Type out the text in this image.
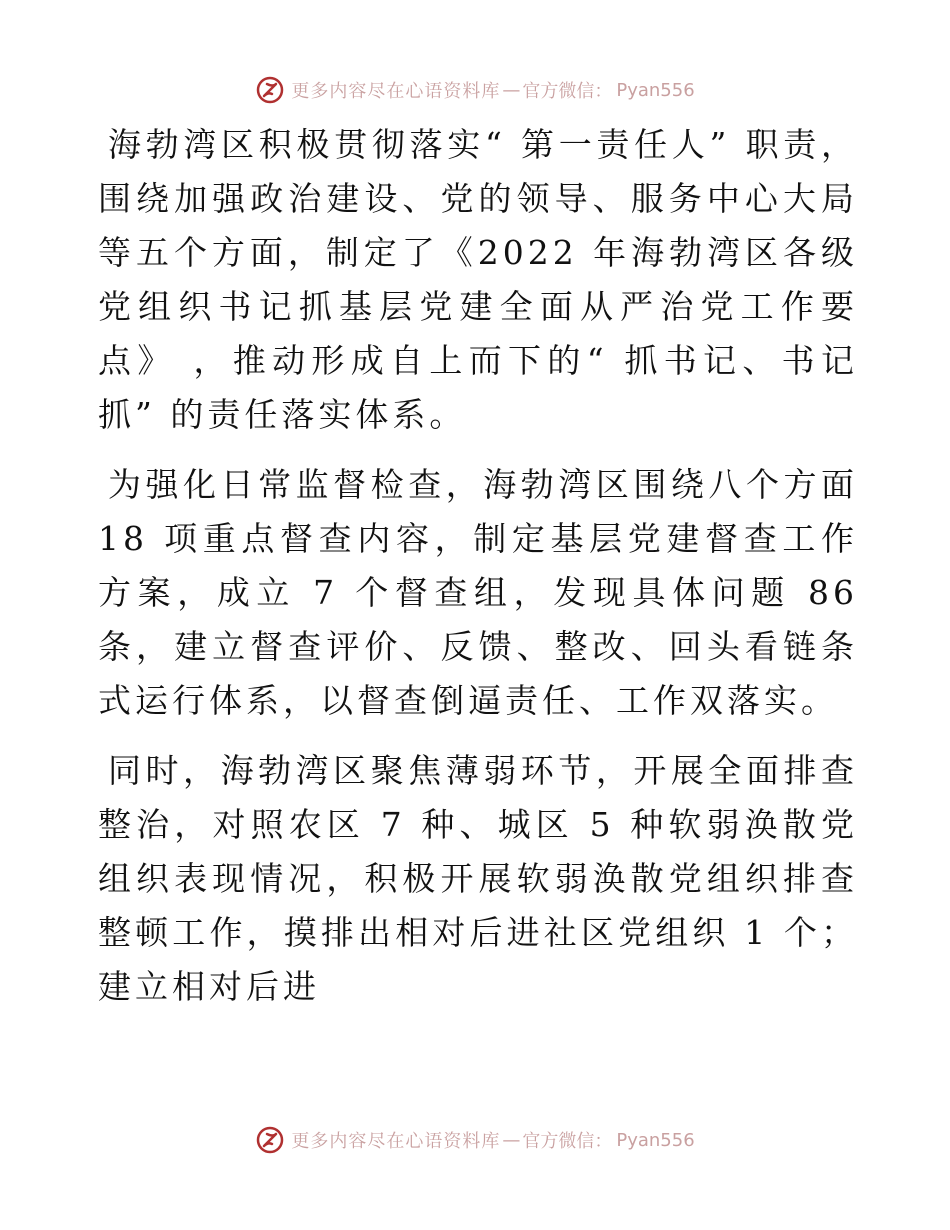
更多内容尽在心语资料库 — 官方微信： Pyan556

海勃湾区积极贯彻落实“ 第一责任人” 职责，围绕加强政治建设、党的领导、服务中心大局等五个方面，制定了《2022 年海勃湾区各级党组织书记抓基层党建全面从严治党工作要点》 ，推动形成自上而下的“ 抓书记、书记抓” 的责任落实体系。

为强化日常监督检查，海勃湾区围绕八个方面 18 项重点督查内容，制定基层党建督查工作方案，成立 7 个督查组，发现具体问题 86 条，建立督查评价、反馈、整改、回头看链条式运行体系，以督查倒逼责任、工作双落实。

同时，海勃湾区聚焦薄弱环节，开展全面排查整治，对照农区 7 种、城区 5 种软弱涣散党组织表现情况，积极开展软弱涣散党组织排查整顿工作，摸排出相对后进社区党组织 1 个；建立相对后进

更多内容尽在心语资料库 — 官方微信： Pyan556
